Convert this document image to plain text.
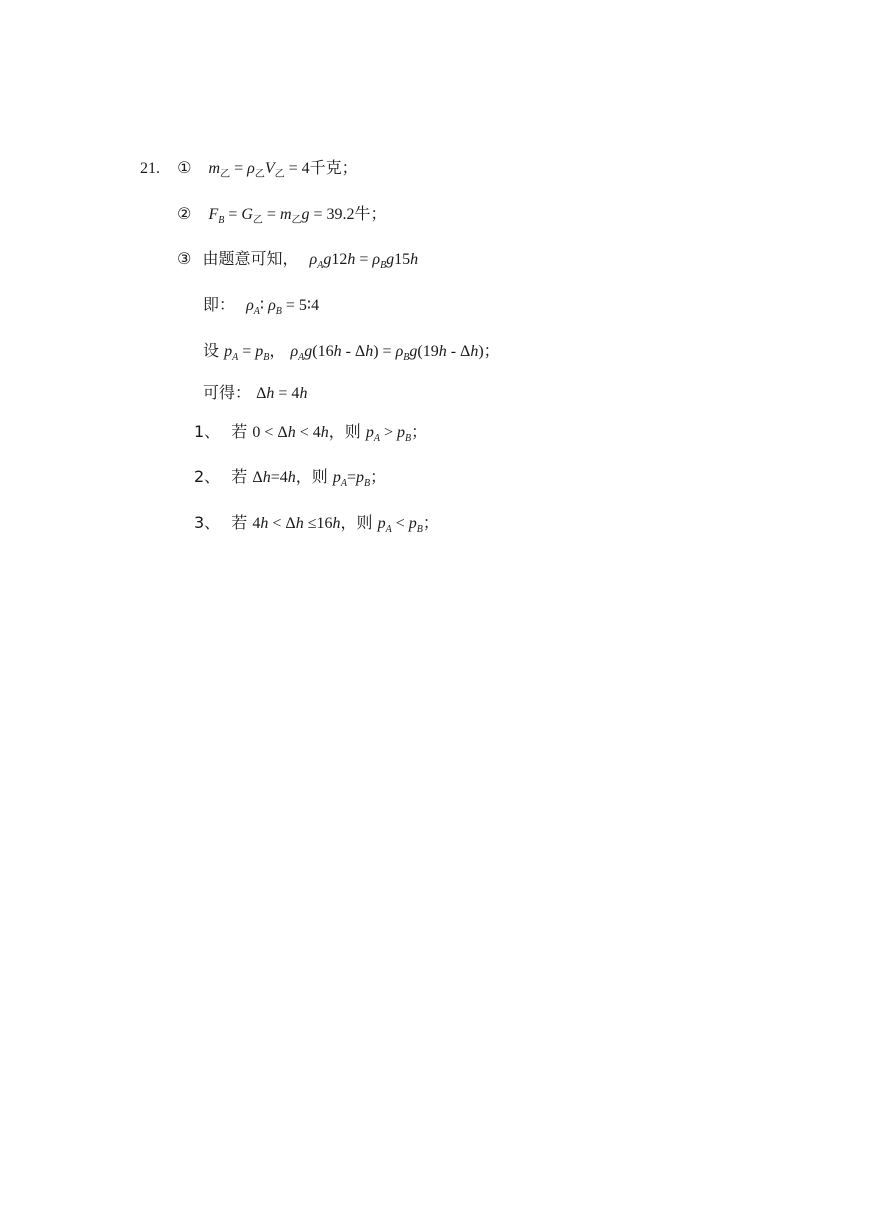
21. ① $m_乙 = \rho_乙V_乙 = 4$千克；
② $F_B = G_乙 = m_乙g = 39.2$牛；
③ 由题意可知， $\rho_Ag12h = \rho_Bg15h$
即： $\rho_A∶$ $\rho_B$ = 5∶4
设 $p_A = p_B$， $\rho_Ag(16h - \Delta h) = \rho_Bg(19h - \Delta h)$；
可得： Δh = 4h
1、 若 0 < Δh < 4h，则 $p_A > p_B$；
2、 若 Δh=4h，则 $p_A=p_B$；
3、 若 4h < Δh ≤16h，则 $p_A < p_B$；
